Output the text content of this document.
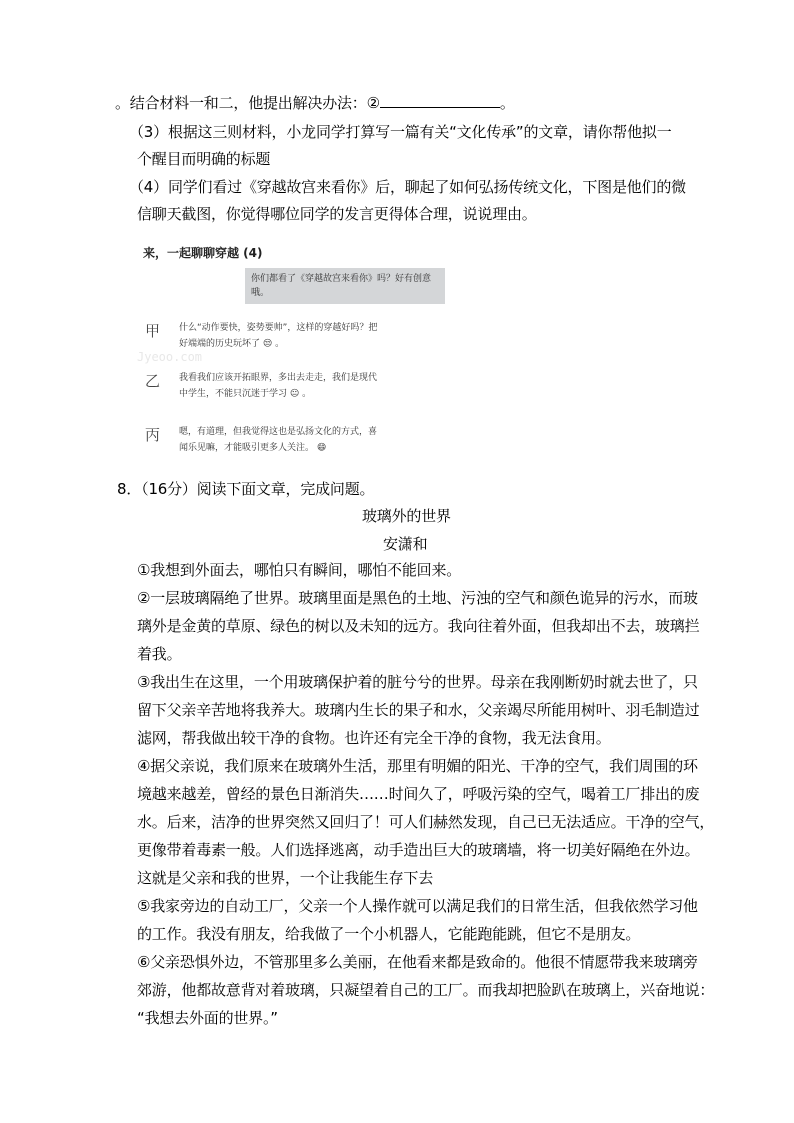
。结合材料一和二，他提出解决办法：②	。
（3）根据这三则材料，小龙同学打算写一篇有关“文化传承”的文章，请你帮他拟一
个醒目而明确的标题
（4）同学们看过《穿越故宫来看你》后，聊起了如何弘扬传统文化，下图是他们的微
信聊天截图，你觉得哪位同学的发言更得体合理，说说理由。
来，一起聊聊穿越 (4)
你们都看了《穿越故宫来看你》吗？好有创意哦。
Jyeoo.com
甲 什么“动作要快，姿势要帅”，这样的穿越好吗？把好端端的历史玩坏了 😒 。
乙 我看我们应该开拓眼界，多出去走走，我们是现代中学生，不能只沉迷于学习 😐 。
丙 嗯，有道理，但我觉得这也是弘扬文化的方式，喜闻乐见嘛，才能吸引更多人关注。 😄
8．（16分）阅读下面文章，完成问题。
玻璃外的世界
安潇和
①我想到外面去，哪怕只有瞬间，哪怕不能回来。
②一层玻璃隔绝了世界。玻璃里面是黑色的土地、污浊的空气和颜色诡异的污水，而玻
璃外是金黄的草原、绿色的树以及未知的远方。我向往着外面，但我却出不去，玻璃拦
着我。
③我出生在这里，一个用玻璃保护着的脏兮兮的世界。母亲在我刚断奶时就去世了，只
留下父亲辛苦地将我养大。玻璃内生长的果子和水，父亲竭尽所能用树叶、羽毛制造过
滤网，帮我做出较干净的食物。也许还有完全干净的食物，我无法食用。
④据父亲说，我们原来在玻璃外生活，那里有明媚的阳光、干净的空气，我们周围的环
境越来越差，曾经的景色日渐消失……时间久了，呼吸污染的空气，喝着工厂排出的废
水。后来，洁净的世界突然又回归了！可人们赫然发现，自己已无法适应。干净的空气，
更像带着毒素一般。人们选择逃离，动手造出巨大的玻璃墙，将一切美好隔绝在外边。
这就是父亲和我的世界，一个让我能生存下去
⑤我家旁边的自动工厂，父亲一个人操作就可以满足我们的日常生活，但我依然学习他
的工作。我没有朋友，给我做了一个小机器人，它能跑能跳，但它不是朋友。
⑥父亲恐惧外边，不管那里多么美丽，在他看来都是致命的。他很不情愿带我来玻璃旁
郊游，他都故意背对着玻璃，只凝望着自己的工厂。而我却把脸趴在玻璃上，兴奋地说：
“我想去外面的世界。”
